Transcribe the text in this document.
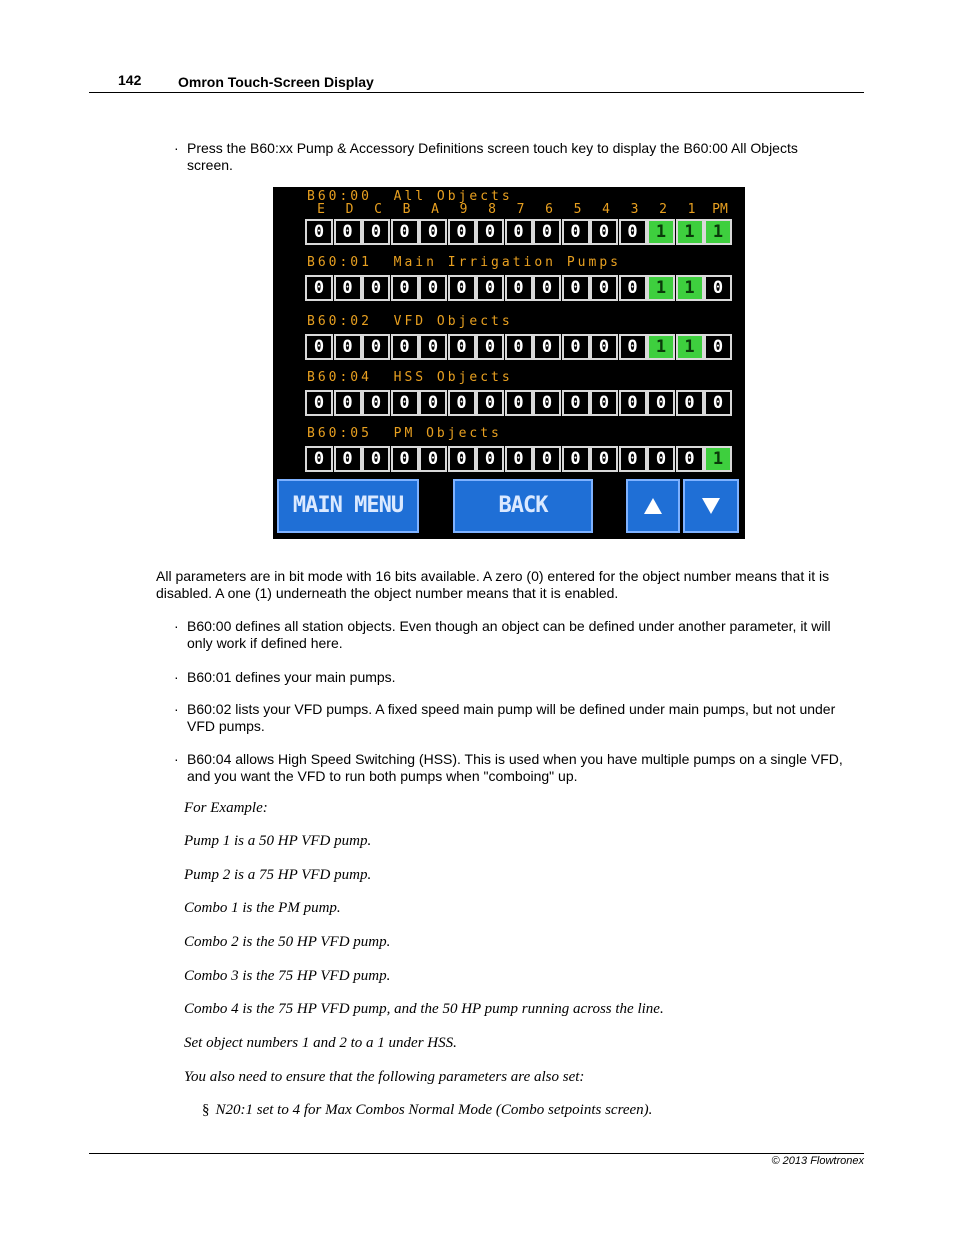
142	Omron Touch-Screen Display
· Press the B60:xx Pump & Accessory Definitions screen touch key to display the B60:00 All Objects screen.
E	D	C	B	A	9	8	7	6	5	4	3	2	1	PM
B60:00  All Objects
0	0	0	0	0	0	0	0	0	0	0	0	1	1	1
B60:01  Main Irrigation Pumps
0	0	0	0	0	0	0	0	0	0	0	0	1	1	0
B60:02  VFD Objects
0	0	0	0	0	0	0	0	0	0	0	0	1	1	0
B60:04  HSS Objects
0	0	0	0	0	0	0	0	0	0	0	0	0	0	0
B60:05  PM Objects
0	0	0	0	0	0	0	0	0	0	0	0	0	0	1
MAIN MENU	BACK
All parameters are in bit mode with 16 bits available. A zero (0) entered for the object number means that it is disabled. A one (1) underneath the object number means that it is enabled.
· B60:00 defines all station objects. Even though an object can be defined under another parameter, it will only work if defined here.
· B60:01 defines your main pumps.
· B60:02 lists your VFD pumps. A fixed speed main pump will be defined under main pumps, but not under VFD pumps.
· B60:04 allows High Speed Switching (HSS). This is used when you have multiple pumps on a single VFD, and you want the VFD to run both pumps when "comboing" up.
For Example:
Pump 1 is a 50 HP VFD pump.
Pump 2 is a 75 HP VFD pump.
Combo 1 is the PM pump.
Combo 2 is the 50 HP VFD pump.
Combo 3 is the 75 HP VFD pump.
Combo 4 is the 75 HP VFD pump, and the 50 HP pump running across the line.
Set object numbers 1 and 2 to a 1 under HSS.
You also need to ensure that the following parameters are also set:
§ N20:1 set to 4 for Max Combos Normal Mode (Combo setpoints screen).
© 2013 Flowtronex
